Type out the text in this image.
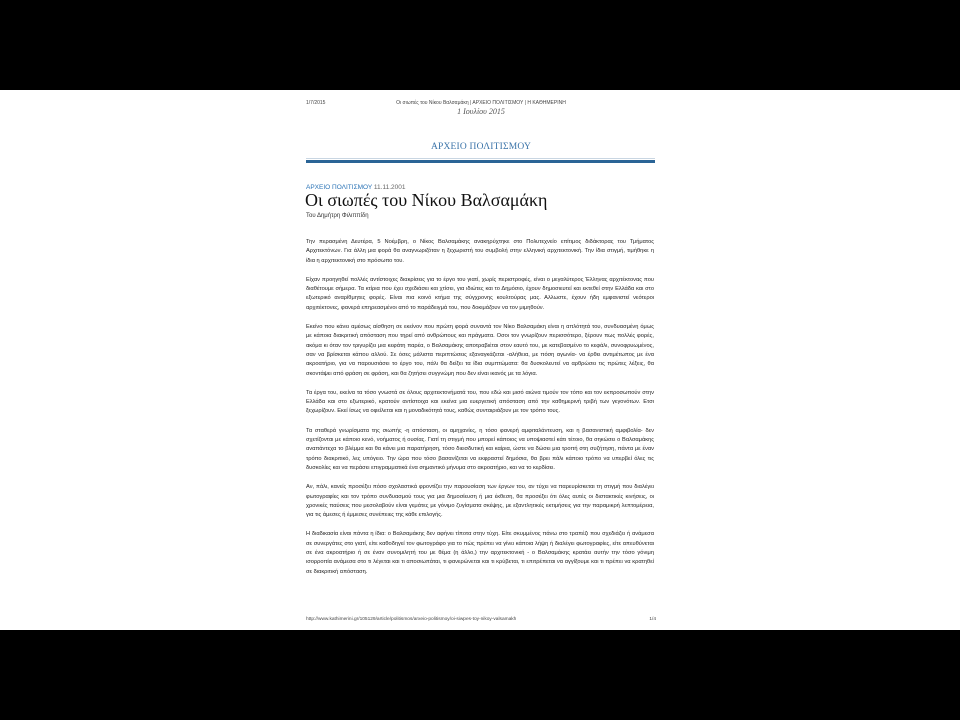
1/7/2015	Οι σιωπές του Νίκου Βαλσαμάκη | ΑΡΧΕΙΟ ΠΟΛΙΤΙΣΜΟΥ | Η ΚΑΘΗΜΕΡΙΝΗ
1 Ιουλίου 2015
ΑΡΧΕΙΟ ΠΟΛΙΤΙΣΜΟΥ
ΑΡΧΕΙΟ ΠΟΛΙΤΙΣΜΟΥ 11.11.2001
Οι σιωπές του Νίκου Βαλσαμάκη
Του Δημήτρη Φιλιππίδη

Την περασμένη Δευτέρα, 5 Νοέμβρη, ο Νίκος Βαλσαμάκης ανακηρύχτηκε στο Πολυτεχνείο επίτιμος διδάκτορας του Τμήματος Αρχιτεκτόνων. Για άλλη μια φορά θα αναγνωριζόταν η ξεχωριστή του συμβολή στην ελληνική αρχιτεκτονική. Την ίδια στιγμή, τιμήθηκε η ίδια η αρχιτεκτονική στο πρόσωπο του.

Είχαν προηγηθεί πολλές αντίστοιχες διακρίσεις για το έργο του γιατί, χωρίς περιστροφές, είναι ο μεγαλύτερος Έλληνας αρχιτέκτονας που διαθέτουμε σήμερα. Τα κτίρια που έχει σχεδιάσει και χτίσει, για ιδιώτες και το Δημόσιο, έχουν δημοσιευτεί και εκτεθεί στην Ελλάδα και στο εξωτερικό αναρίθμητες φορές. Είναι πια κοινό κτήμα της σύγχρονης κουλτούρας μας. Αλλωστε, έχουν ήδη εμφανιστεί νεότεροι αρχιτέκτονες, φανερά επηρεασμένοι από το παράδειγμά του, που δοκιμάζουν να τον μιμηθούν.

Εκείνο που κάνει αμέσως αίσθηση σε εκείνον που πρώτη φορά συναντά τον Νίκο Βαλσαμάκη είναι η απλότητά του, συνδυασμένη όμως με κάποια διακριτική απόσταση που τηρεί από ανθρώπους και πράγματα. Οσοι τον γνωρίζουν περισσότερο, ξέρουν πως πολλές φορές, ακόμα κι όταν τον τριγυρίζει μια κεφάτη παρέα, ο Βαλσαμάκης αποτραβιέται στον εαυτό του, με κατεβασμένο το κεφάλι, συνοφρυωμένος, σαν να βρίσκεται κάπου αλλού. Σε όσες μάλιστα περιπτώσεις εξαναγκάζεται -αλήθεια, με πόση αγωνία- να έρθει αντιμέτωπος με ένα ακροατήριο, για να παρουσιάσει το έργο του, πάλι θα δείξει τα ίδια συμπτώματα: θα δυσκολευτεί να αρθρώσει τις πρώτες λέξεις, θα σκοντάψει από φράση σε φράση, και θα ζητήσει συγγνώμη που δεν είναι ικανός με τα λόγια.

Τα έργα του, εκείνα τα τόσο γνωστά σε όλους αρχιτεκτονήματά του, που εδώ και μισό αιώνα τιμούν τον τόπο και τον εκπροσωπούν στην Ελλάδα και στο εξωτερικό, κρατούν αντίστοιχα και εκείνα μια ευεργετική απόσταση από την καθημερινή τριβή των γεγονότων. Ετσι ξεχωρίζουν. Εκεί ίσως να οφείλεται και η μοναδικότητά τους, καθώς συνταιριάζουν με τον τρόπο τους.

Τα σταθερά γνωρίσματα της σιωπής -η απόσταση, οι αμηχανίες, η τόσο φανερή αμφιταλάντευση, και η βασανιστική αμφιβολία- δεν σχετίζονται με κάποιο κενό, νοήματος ή ουσίας. Γιατί τη στιγμή που μπορεί κάποιος να υποψιαστεί κάτι τέτοιο, θα σηκώσει ο Βαλσαμάκης αναπάντεχα το βλέμμα και θα κάνει μια παρατήρηση, τόσο διεισδυτική και καίρια, ώστε να δώσει μια τροπή στη συζήτηση, πάντα με έναν τρόπο διακριτικό, λες υπόγειο. Την ώρα που τόσο βασανίζεται να εκφραστεί δημόσια, θα βρει πάλι κάποιο τρόπο να υπερβεί όλες τις δυσκολίες και να περάσει επιγραμματικά ένα σημαντικό μήνυμα στο ακροατήριο, και να το κερδίσει.

Αν, πάλι, κανείς προσέξει πόσο σχολαστικά φροντίζει την παρουσίαση των έργων του, αν τύχει να παρευρίσκεται τη στιγμή που διαλέγει φωτογραφίες και τον τρόπο συνδυασμού τους για μια δημοσίευση ή μια έκθεση, θα προσέξει ότι όλες αυτές οι διστακτικές κινήσεις, οι χρονικές παύσεις που μεσολαβούν είναι γεμάτες με γόνιμο ζυγίσματα σκέψης, με εξαντλητικές εκτιμήσεις για την παραμικρή λεπτομέρεια, για τις άμεσες ή έμμεσες συνέπειες της κάθε επιλογής.

Η διαδικασία είναι πάντα η ίδια: ο Βαλσαμάκης δεν αφήνει τίποτα στην τύχη. Είτε σκυμμένος πάνω στο τραπέζι που σχεδιάζει ή ανάμεσα σε συνεργάτες στο γιατί, είτε καθοδηγεί τον φωτογράφο για το πώς πρέπει να γίνει κάποια λήψη ή διαλέγει φωτογραφίες, είτε απευθύνεται σε ένα ακροατήριο ή σε έναν συνομιλητή του με θέμα (η άλλο,) την αρχιτεκτονική - ο Βαλσαμάκης κρατάει αυτήν την τόσο γόνιμη ισορροπία ανάμεσα στο τι λέγεται και τι αποσιωπάται, τι φανερώνεται και τι κρύβεται, τι επιτρέπεται να αγγίξουμε και τι πρέπει να κρατηθεί σε διακριτική απόσταση.

http://www.kathimerini.gr/105129/article/politismos/arxeio-politismoy/oi-siwpes-toy-nikoy-valsamakh	1/4
